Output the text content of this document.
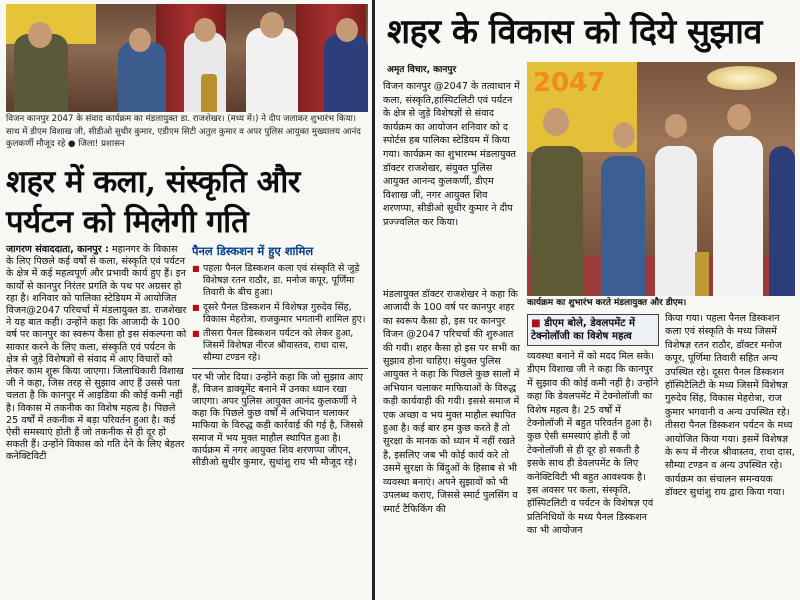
विजन कानपुर 2047 के संवाद कार्यक्रम का मंडलायुक्त डा. राजशेखर। (मध्य में।) ने दीप जलाकर शुभारंभ किया। साथ में डीएम विशाख जी, सीडीओ सुधीर कुमार, एडीएम सिटी अतुल कुमार व अपर पुलिस आयुक्त मुख्यालय आनंद कुलकर्णी मौजूद रहे ● जिला! प्रशासन
शहर में कला, संस्कृति और पर्यटन को मिलेगी गति
जागरण संवाददाता, कानपुर : महानगर के विकास के लिए पिछले कई वर्षों से कला, संस्कृति एवं पर्यटन के क्षेत्र में कई महत्वपूर्ण और प्रभावी कार्य हुए हैं। इन कार्यों से कानपुर निरंतर प्रगति के पथ पर अग्रसर हो रहा है। शनिवार को पालिका स्टेडियम में आयोजित विजन@2047 परिचर्चा में मंडलायुक्त डा. राजशेखर ने यह बात कही। उन्होंने कहा कि आजादी के 100 वर्ष पर कानपुर का स्वरूप कैसा हो इस संकल्पना को साकार करने के लिए कला, संस्कृति एवं पर्यटन के क्षेत्र से जुड़े विशेषज्ञों से संवाद में आए विचारों को लेकर काम शुरू किया जाएगा। जिलाधिकारी विशाख जी ने कहा, जिस तरह से सुझाव आए हैं उससे पता चलता है कि कानपुर में आइडिया की कोई कमी नहीं है। विकास में तकनीक का विशेष महत्व है। पिछले 25 वर्षों में तकनीक में बड़ा परिवर्तन हुआ है। कई ऐसी समस्याएं होती हैं जो तकनीक से ही दूर हो सकती हैं। उन्होंने विकास को गति देने के लिए बेहतर कनेक्टिविटी
पैनल डिस्कशन में हुए शामिल
■ पहला पैनल डिस्कशन कला एवं संस्कृति से जुड़े विशेषज्ञ रतन राठौर, डा. मनोज कपूर, पूर्णिमा तिवारी के बीच हुआ।
■ दूसरे पैनल डिस्कशन में विशेषज्ञ गुरुदेव सिंह, विकास मेहरोत्रा, राजकुमार भगतानी शामिल हुए।
■ तीसरा पैनल डिस्कशन पर्यटन को लेकर हुआ, जिसमें विशेषज्ञ नीरज श्रीवास्तव, राधा दास, सौम्या टण्डन रहे।
पर भी जोर दिया। उन्होंने कहा कि जो सुझाव आए हैं, विजन डाक्यूमेंट बनाने में उनका ध्यान रखा जाएगा। अपर पुलिस आयुक्त आनंद कुलकर्णी ने कहा कि पिछले कुछ वर्षों में अभियान चलाकर माफिया के विरुद्ध कड़ी कार्रवाई की गई है, जिससे समाज में भय मुक्त माहौल स्थापित हुआ है। कार्यक्रम में नगर आयुक्त शिव शरणप्पा जीएन, सीडीओ सुधीर कुमार, सुधांशु राय भी मौजूद रहे।
शहर के विकास को दिये सुझाव
अमृत विचार, कानपुर
विजन कानपुर @2047 के तत्वाधान में कला, संस्कृति,हास्पिटलिटी एवं पर्यटन के क्षेत्र से जुड़े विशेषज्ञों से संवाद कार्यक्रम का आयोजन शनिवार को द स्पोर्टस हब पालिका स्टेडियम में किया गया। कार्यक्रम का शुभारम्भ मंडलायुक्त डॉक्टर राजशेखर, संयुक्त पुलिस आयुक्त आनन्द कुलकर्णी, डीएम विशाख जी, नगर आयुक्त शिव शरणप्पा, सीडीओ सुधीर कुमार ने दीप प्रज्ज्वलित कर किया।
2047
कार्यक्रम का शुभारंभ करते मंडलायुक्त और डीएम।
मंडलायुक्त डॉक्टर राजशेखर ने कहा कि आजादी के 100 वर्ष पर कानपुर शहर का स्वरूप कैसा हो, इस पर कानपुर विजन @2047 परिचर्चा की शुरुआत की गयी। शहर कैसा हो इस पर सभी का सुझाव होना चाहिए। संयुक्त पुलिस आयुक्त ने कहा कि पिछले कुछ सालों में अभियान चलाकर माफियाओं के विरुद्ध कड़ी कार्यवाही की गयी। इससे समाज में एक अच्छा व भय मुक्त माहौल स्थापित हुआ है। कई बार हम कुछ करते हैं तो सुरक्षा के मानक को ध्यान में नहीं रखते है, इसलिए जब भी कोई कार्य करे तो उसमें सुरक्षा के बिंदुओं के हिसाब से भी व्यवस्था बनाएं। अपने सुझावों को भी उपलब्ध कराए, जिससे स्मार्ट पुलसिंग व स्मार्ट टैफिकिंग की
■ डीएम बोले, डेवलपमेंट में टेक्नोलॉजी का विशेष महत्व
व्यवस्था बनाने में को मदद मिल सके। डीएम विशाख जी ने कहा कि कानपुर में सुझाव की कोई कमी नहीं है। उन्होंने कहा कि डेवलपमेंट में टेक्नोलॉजी का विशेष महत्व है। 25 वर्षों में टेक्नोलॉजी में बहुत परिवर्तन हुआ है। कुछ ऐसी समस्याएं होती हैं जो टेक्नोलॉजी से ही दूर हो सकती है इसके साथ ही डेवलपमेंट के लिए कनेक्टिविटी भी बहुत आवश्यक है। इस अवसर पर कला, संस्कृति, हॉस्पिटलिटी व पर्यटन के विशेषज्ञ एवं प्रतिनिधियों के मध्य पैनल डिस्कशन का भी आयोजन
किया गया। पहला पैनल डिस्कशन कला एवं संस्कृति के मध्य जिसमें विशेषज्ञ रतन राठौर, डॉक्टर मनोज कपूर, पूर्णिमा तिवारी सहित अन्य उपस्थित रहे। दूसरा पैनल डिस्कशन हॉस्पिटैलिटी के मध्य जिसमें विशेषज्ञ गुरुदेव सिंह, विकास मेहरोत्रा, राज कुमार भगवानी व अन्य उपस्थित रहे। तीसरा पैनल डिस्कशन पर्यटन के मध्य आयोजित किया गया। इसमें विशेषज्ञ के रूप में नीरज श्रीवास्तव, राधा दास, सौम्या टण्डन व अन्य उपस्थित रहे। कार्यक्रम का संचालन समन्वयक डॉक्टर सुधांशु राय द्वारा किया गया।
